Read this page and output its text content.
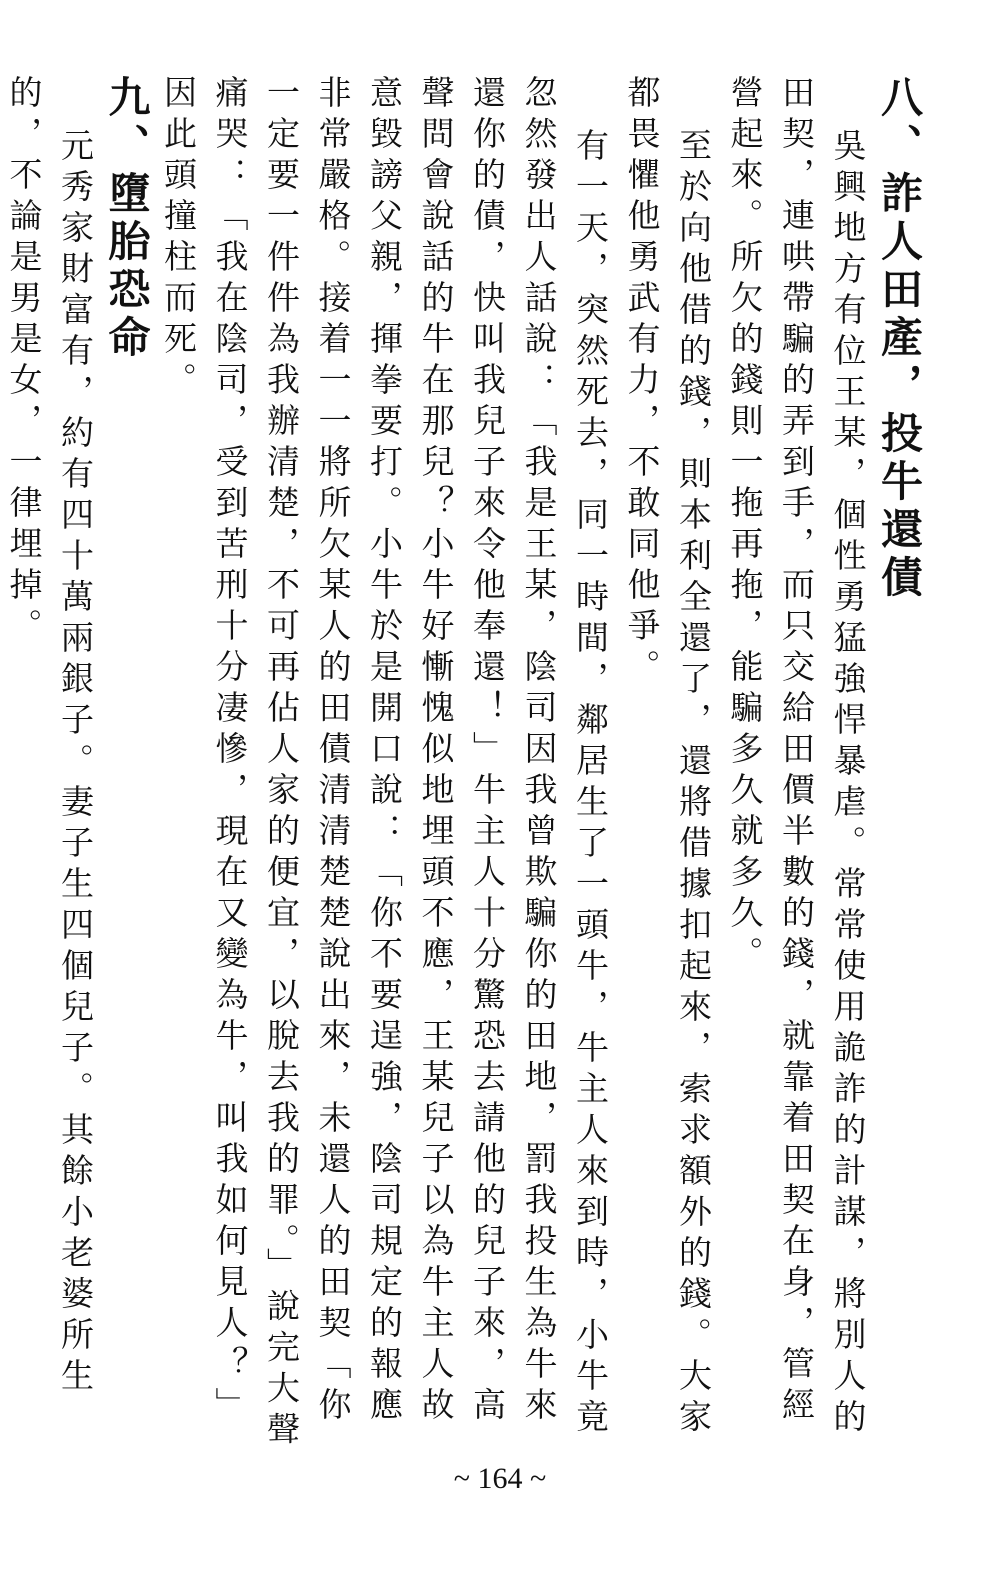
八、詐人田產，投牛還債

吳興地方有位王某，個性勇猛強悍暴虐。常常使用詭詐的計謀，將別人的田契，連哄帶騙的弄到手，而只交給田價半數的錢，就靠着田契在身，管經營起來。所欠的錢則一拖再拖，能騙多久就多久。

至於向他借的錢，則本利全還了，還將借據扣起來，索求額外的錢。大家都畏懼他勇武有力，不敢同他爭。

有一天，突然死去，同一時間，鄰居生了一頭牛，牛主人來到時，小牛竟忽然發出人話說：「我是王某，陰司因我曾欺騙你的田地，罰我投生為牛來還你的債，快叫我兒子來令他奉還！」牛主人十分驚恐去請他的兒子來，高聲問會說話的牛在那兒？小牛好慚愧似地埋頭不應，王某兒子以為牛主人故意毀謗父親，揮拳要打。小牛於是開口說：「你不要逞強，陰司規定的報應非常嚴格。接着一一將所欠某人的田債清清楚楚說出來，未還人的田契「你一定要一件件為我辦清楚，不可再佔人家的便宜，以脫去我的罪。」說完大聲痛哭：「我在陰司，受到苦刑十分凄慘，現在又變為牛，叫我如何見人？」因此頭撞柱而死。

九、墮胎恐命

元秀家財富有，約有四十萬兩銀子。妻子生四個兒子。其餘小老婆所生的，不論是男是女，一律埋掉。

~ 164 ~
